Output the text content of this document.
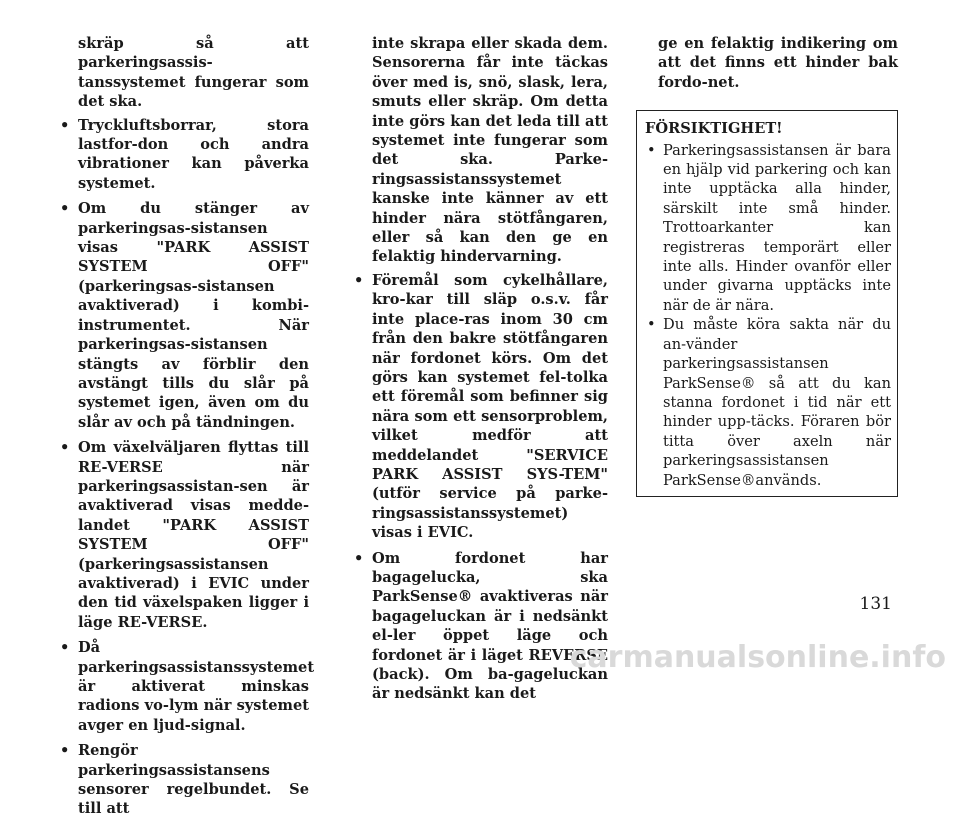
skräp så att parkeringsassis-tanssystemet fungerar som det ska.

• Tryckluftsborrar, stora lastfor-don och andra vibrationer kan påverka systemet.
• Om du stänger av parkeringsas-sistansen visas "PARK ASSIST SYSTEM OFF" (parkeringsas-sistansen avaktiverad) i kombi-instrumentet. När parkeringsas-sistansen stängts av förblir den avstängt tills du slår på systemet igen, även om du slår av och på tändningen.
• Om växelväljaren flyttas till RE-VERSE när parkeringsassistan-sen är avaktiverad visas medde-landet "PARK ASSIST SYSTEM OFF" (parkeringsassistansen avaktiverad) i EVIC under den tid växelspaken ligger i läge RE-VERSE.
• Då parkeringsassistanssystemet är aktiverat minskas radions vo-lym när systemet avger en ljud-signal.
• Rengör parkeringsassistansens sensorer regelbundet. Se till att

inte skrapa eller skada dem. Sensorerna får inte täckas över med is, snö, slask, lera, smuts eller skräp. Om detta inte görs kan det leda till att systemet inte fungerar som det ska. Parke-ringsassistanssystemet kanske inte känner av ett hinder nära stötfångaren, eller så kan den ge en felaktig hindervarning.

• Föremål som cykelhållare, kro-kar till släp o.s.v. får inte place-ras inom 30 cm från den bakre stötfångaren när fordonet körs. Om det görs kan systemet fel-tolka ett föremål som befinner sig nära som ett sensorproblem, vilket medför att meddelandet "SERVICE PARK ASSIST SYS-TEM" (utför service på parke-ringsassistanssystemet) visas i EVIC.
• Om fordonet har bagagelucka, ska ParkSense® avaktiveras när bagageluckan är i nedsänkt el-ler öppet läge och fordonet är i läget REVERSE (back). Om ba-gageluckan är nedsänkt kan det

ge en felaktig indikering om att det finns ett hinder bak fordo-net.

FÖRSIKTIGHET!
• Parkeringsassistansen är bara en hjälp vid parkering och kan inte upptäcka alla hinder, särskilt inte små hinder. Trottoarkanter kan registreras temporärt eller inte alls. Hinder ovanför eller under givarna upptäcks inte när de är nära.
• Du måste köra sakta när du an-vänder parkeringsassistansen ParkSense® så att du kan stanna fordonet i tid när ett hinder upp-täcks. Föraren bör titta över axeln när parkeringsassistansen ParkSense®används.
131
carmanualsonline.info
